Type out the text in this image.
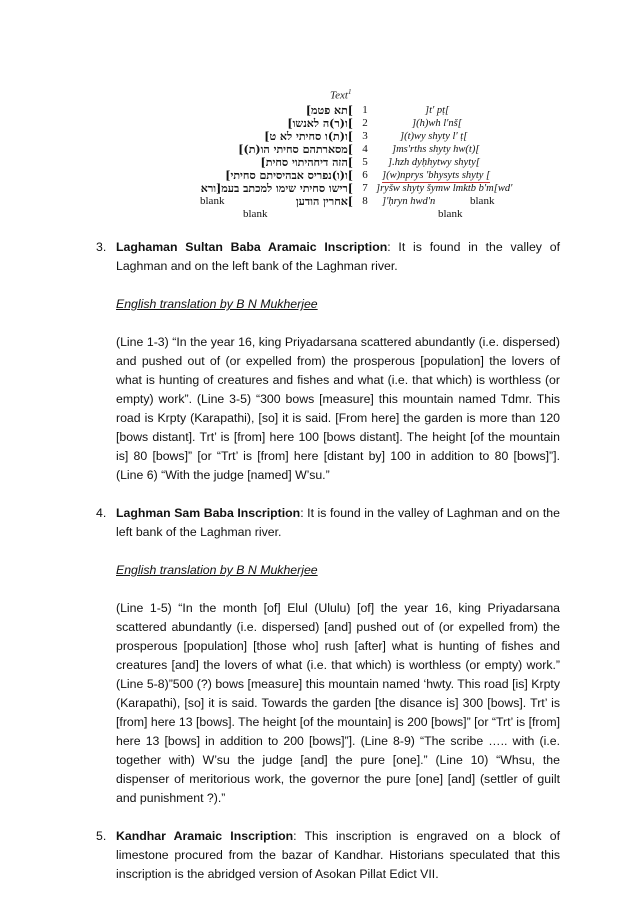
Text$^1$
]תא פטמ] 1	]t' pṭ[
]ו(ר)ה לאנשו] 2	](h)wh l'nš[
]ו(ת)ו סחיתי לא ט] 3	](t)wy shyty l' ṭ[
]מסארתהם סחיתי הו(ת)] 4	]ms'rths shyty hw(t)[
]הזה דיחהיתוי סחית] 5	].hzh dyḥhytwy shyty[
]ו(ו)נפריס אבהיסיתם סחיתי] 6	](w)nprys 'bhysyts shyty [
]רישו סחיתי שימו למכתב בעמ[ורא 7 ]ryšw shyty šymw lmktb b'm[wd'
blank	]אחרין הודען 8	]'ḥryn hwd'n	blank
blank	blank
3. Laghaman Sultan Baba Aramaic Inscription: It is found in the valley of Laghman and on the left bank of the Laghman river.

English translation by B N Mukherjee

(Line 1-3) “In the year 16, king Priyadarsana scattered abundantly (i.e. dispersed) and pushed out of (or expelled from) the prosperous [population] the lovers of what is hunting of creatures and fishes and what (i.e. that which) is worthless (or empty) work”. (Line 3-5) “300 bows [measure] this mountain named Tdmr. This road is Krpty (Karapathi), [so] it is said. [From here] the garden is more than 120 [bows distant]. Trt’ is [from] here 100 [bows distant]. The height [of the mountain is] 80 [bows]” [or “Trt’ is [from] here [distant by] 100 in addition to 80 [bows]”]. (Line 6) “With the judge [named] W’su.”

4. Laghman Sam Baba Inscription: It is found in the valley of Laghman and on the left bank of the Laghman river.

English translation by B N Mukherjee

(Line 1-5) “In the month [of] Elul (Ululu) [of] the year 16, king Priyadarsana scattered abundantly (i.e. dispersed) [and] pushed out of (or expelled from) the prosperous [population] [those who] rush [after] what is hunting of fishes and creatures [and] the lovers of what (i.e. that which) is worthless (or empty) work.” (Line 5-8)”500 (?) bows [measure] this mountain named ‘hwty. This road [is] Krpty (Karapathi), [so] it is said. Towards the garden [the disance is] 300 [bows]. Trt’ is [from] here 13 [bows]. The height [of the mountain] is 200 [bows]” [or “Trt’ is [from] here 13 [bows] in addition to 200 [bows]”]. (Line 8-9) “The scribe ….. with (i.e. together with) W’su the judge [and] the pure [one].” (Line 10) “Whsu, the dispenser of meritorious work, the governor the pure [one] [and] (settler of guilt and punishment ?).”

5. Kandhar Aramaic Inscription: This inscription is engraved on a block of limestone procured from the bazar of Kandhar. Historians speculated that this inscription is the abridged version of Asokan Pillat Edict VII.
